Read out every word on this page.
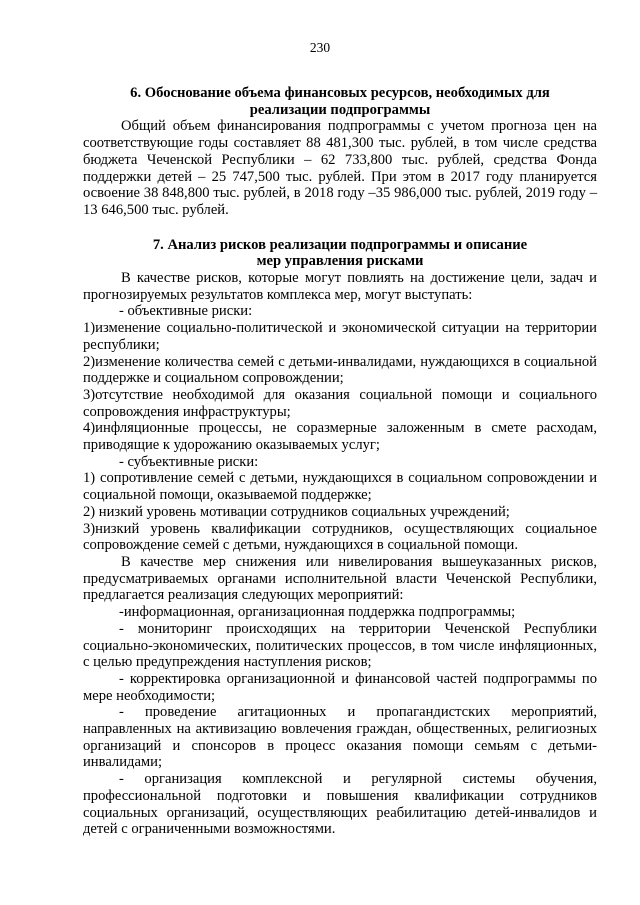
230
6. Обоснование объема финансовых ресурсов, необходимых для
реализации подпрограммы

Общий объем финансирования подпрограммы с учетом прогноза цен на соответствующие годы составляет 88 481,300 тыс. рублей, в том числе средства бюджета Чеченской Республики – 62 733,800 тыс. рублей, средства Фонда поддержки детей – 25 747,500 тыс. рублей. При этом в 2017 году планируется освоение 38 848,800 тыс. рублей, в 2018 году –35 986,000 тыс. рублей, 2019 году – 13 646,500 тыс. рублей.

7. Анализ рисков реализации подпрограммы и описание
мер управления рисками

В качестве рисков, которые могут повлиять на достижение цели, задач и прогнозируемых результатов комплекса мер, могут выступать:

- объективные риски:

1)изменение социально-политической и экономической ситуации на территории республики;

2)изменение количества семей с детьми-инвалидами, нуждающихся в социальной поддержке и социальном сопровождении;

3)отсутствие необходимой для оказания социальной помощи и социального сопровождения инфраструктуры;

4)инфляционные процессы, не соразмерные заложенным в смете расходам, приводящие к удорожанию оказываемых услуг;

- субъективные риски:

1) сопротивление семей с детьми, нуждающихся в социальном сопровождении и социальной помощи, оказываемой поддержке;

2) низкий уровень мотивации сотрудников социальных учреждений;

3)низкий уровень квалификации сотрудников, осуществляющих социальное сопровождение семей с детьми, нуждающихся в социальной помощи.

В качестве мер снижения или нивелирования вышеуказанных рисков, предусматриваемых органами исполнительной власти Чеченской Республики, предлагается реализация следующих мероприятий:

-информационная, организационная поддержка подпрограммы;

- мониторинг происходящих на территории Чеченской Республики социально-экономических, политических процессов, в том числе инфляционных, с целью предупреждения наступления рисков;

- корректировка организационной и финансовой частей подпрограммы по мере необходимости;

- проведение агитационных и пропагандистских мероприятий, направленных на активизацию вовлечения граждан, общественных, религиозных организаций и спонсоров в процесс оказания помощи семьям с детьми-инвалидами;

- организация комплексной и регулярной системы обучения, профессиональной подготовки и повышения квалификации сотрудников социальных организаций, осуществляющих реабилитацию детей-инвалидов и детей с ограниченными возможностями.
